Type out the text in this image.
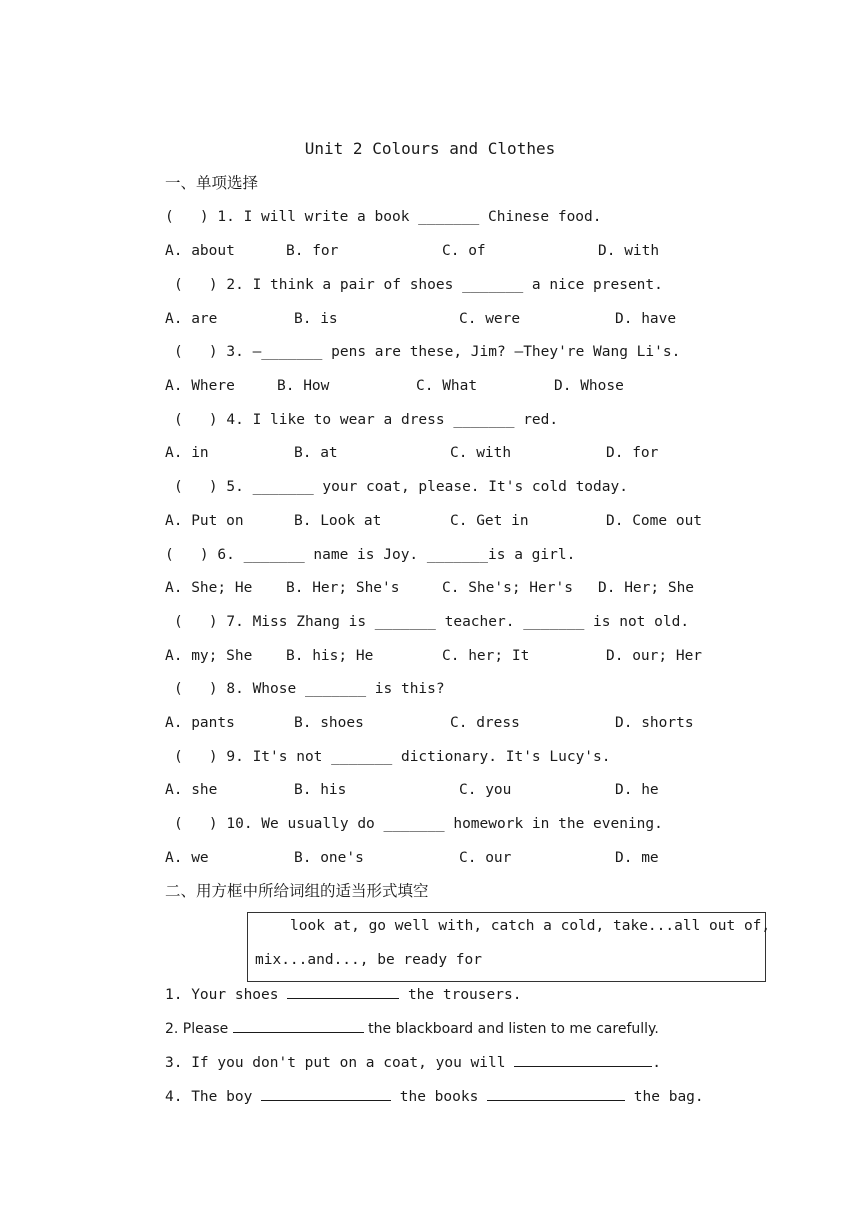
Unit 2 Colours and Clothes
一、单项选择
(   ) 1. I will write a book _______ Chinese food.
A. about	B. for	C. of	D. with
(   ) 2. I think a pair of shoes _______ a nice present.
A. are	B. is	C. were	D. have
(   ) 3. —_______ pens are these, Jim? —They're Wang Li's.
A. Where	B. How	C. What	D. Whose
(   ) 4. I like to wear a dress _______ red.
A. in	B. at	C. with	D. for
(   ) 5. _______ your coat, please. It's cold today.
A. Put on	B. Look at	C. Get in	D. Come out
(   ) 6. _______ name is Joy. _______is a girl.
A. She; He B. Her; She's	C. She's; Her's D. Her; She
(   ) 7. Miss Zhang is _______ teacher. _______ is not old.
A. my; She B. his; He	C. her; It	D. our; Her
(   ) 8. Whose _______ is this?
A. pants	B. shoes	C. dress	D. shorts
(   ) 9. It's not _______ dictionary. It's Lucy's.
A. she	B. his	C. you	D. he
(   ) 10. We usually do _______ homework in the evening.
A. we	B. one's	C. our	D. me
二、用方框中所给词组的适当形式填空
look at, go well with, catch a cold, take...all out of,
mix...and..., be ready for
1. Your shoes	the trousers.
2. Please	the blackboard and listen to me carefully.
3. If you don't put on a coat, you will	.
4. The boy	the books	the bag.
